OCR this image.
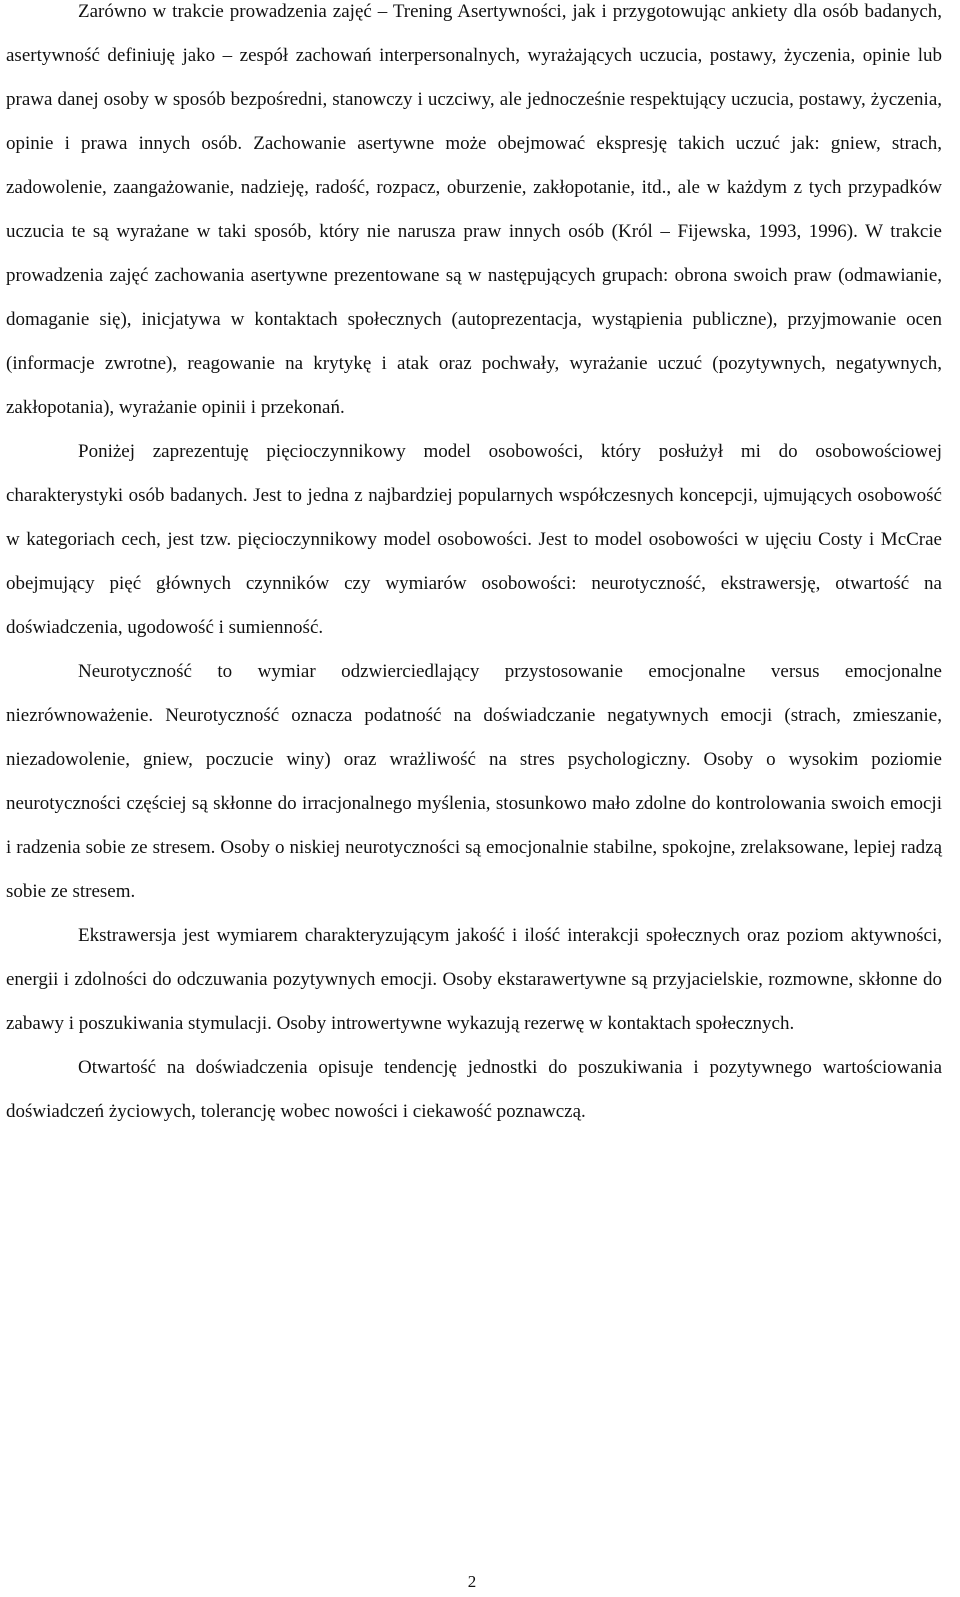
Zarówno w trakcie prowadzenia zajęć – Trening Asertywności, jak i przygotowując ankiety dla osób badanych, asertywność definiuję jako – zespół zachowań interpersonalnych, wyrażających uczucia, postawy, życzenia, opinie lub prawa danej osoby w sposób bezpośredni, stanowczy i uczciwy, ale jednocześnie respektujący uczucia, postawy, życzenia, opinie i prawa innych osób. Zachowanie asertywne może obejmować ekspresję takich uczuć jak: gniew, strach, zadowolenie, zaangażowanie, nadzieję, radość, rozpacz, oburzenie, zakłopotanie, itd., ale w każdym z tych przypadków uczucia te są wyrażane w taki sposób, który nie narusza praw innych osób (Król – Fijewska, 1993, 1996). W trakcie prowadzenia zajęć zachowania asertywne prezentowane są w następujących grupach: obrona swoich praw (odmawianie, domaganie się), inicjatywa w kontaktach społecznych (autoprezentacja, wystąpienia publiczne), przyjmowanie ocen (informacje zwrotne), reagowanie na krytykę i atak oraz pochwały, wyrażanie uczuć (pozytywnych, negatywnych, zakłopotania), wyrażanie opinii i przekonań.

Poniżej zaprezentuję pięcioczynnikowy model osobowości, który posłużył mi do osobowościowej charakterystyki osób badanych. Jest to jedna z najbardziej popularnych współczesnych koncepcji, ujmujących osobowość w kategoriach cech, jest tzw. pięcioczynnikowy model osobowości. Jest to model osobowości w ujęciu Costy i McCrae obejmujący pięć głównych czynników czy wymiarów osobowości: neurotyczność, ekstrawersję, otwartość na doświadczenia, ugodowość i sumienność.

Neurotyczność to wymiar odzwierciedlający przystosowanie emocjonalne versus emocjonalne niezrównoważenie. Neurotyczność oznacza podatność na doświadczanie negatywnych emocji (strach, zmieszanie, niezadowolenie, gniew, poczucie winy) oraz wrażliwość na stres psychologiczny. Osoby o wysokim poziomie neurotyczności częściej są skłonne do irracjonalnego myślenia, stosunkowo mało zdolne do kontrolowania swoich emocji i radzenia sobie ze stresem. Osoby o niskiej neurotyczności są emocjonalnie stabilne, spokojne, zrelaksowane, lepiej radzą sobie ze stresem.

Ekstrawersja jest wymiarem charakteryzującym jakość i ilość interakcji społecznych oraz poziom aktywności, energii i zdolności do odczuwania pozytywnych emocji. Osoby ekstarawertywne są przyjacielskie, rozmowne, skłonne do zabawy i poszukiwania stymulacji. Osoby introwertywne wykazują rezerwę w kontaktach społecznych.

Otwartość na doświadczenia opisuje tendencję jednostki do poszukiwania i pozytywnego wartościowania doświadczeń życiowych, tolerancję wobec nowości i ciekawość poznawczą.

2
